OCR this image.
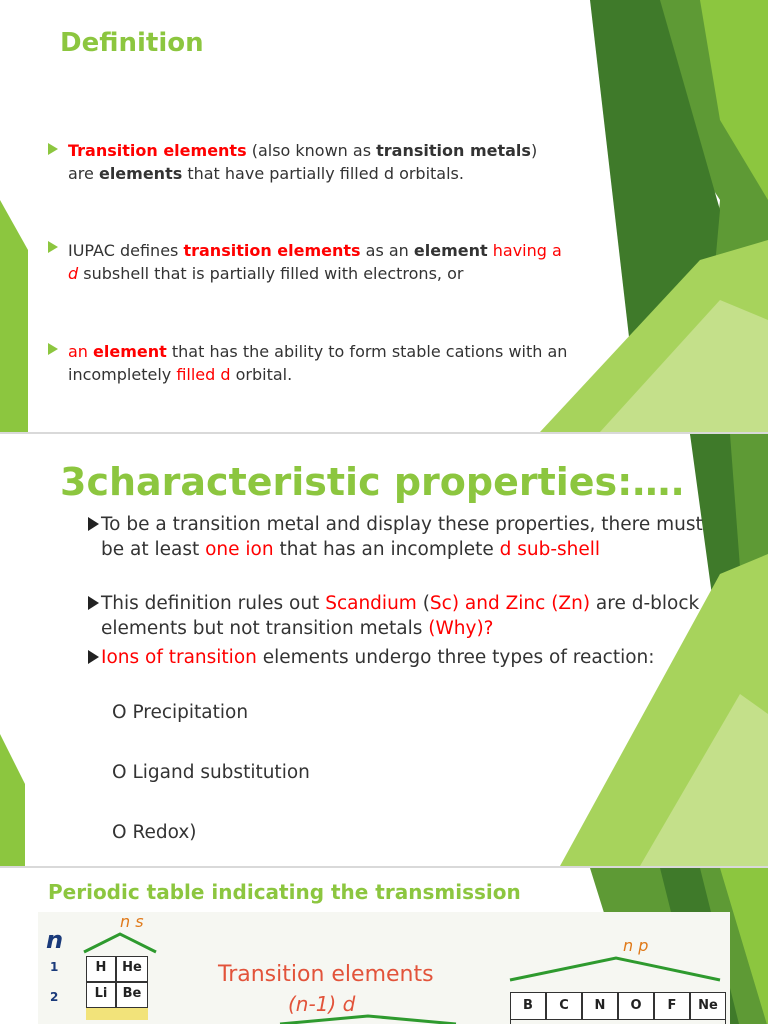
Definition
Transition elements (also known as transition metals) are elements that have partially filled d orbitals.
IUPAC defines transition elements as an element having a d subshell that is partially filled with electrons, or
an element that has the ability to form stable cations with an incompletely filled d orbital.
3characteristic properties:….
To be a transition metal and display these properties, there must be at least one ion that has an incomplete d sub-shell
This definition rules out Scandium (Sc) and Zinc (Zn) are d-block elements but not transition metals (Why)?
Ions of transition elements undergo three types of reaction:
O Precipitation
O Ligand substitution
O Redox)
Periodic table indicating the transmission
n
1
2
n s
H	He
Li	Be
Transition elements
(n-1) d
n p
B	C	N	O	F	Ne
